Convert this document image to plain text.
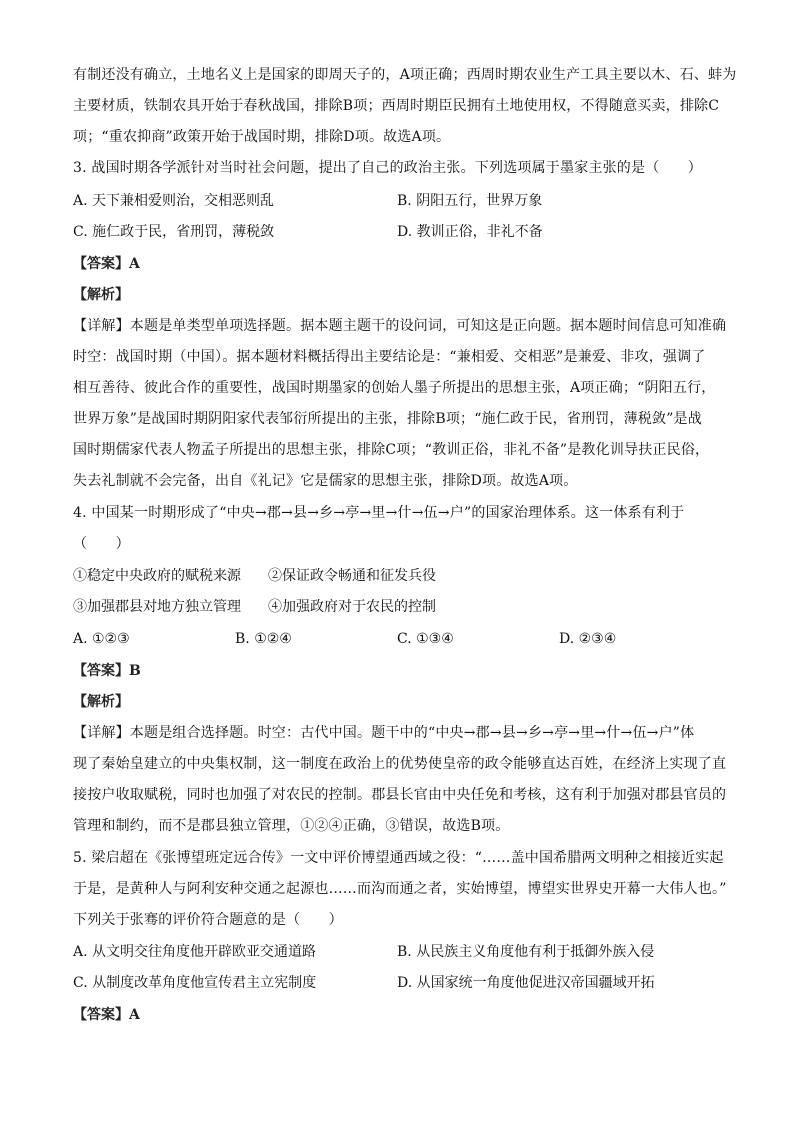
有制还没有确立，土地名义上是国家的即周天子的，A项正确；西周时期农业生产工具主要以木、石、蚌为
主要材质，铁制农具开始于春秋战国，排除B项；西周时期臣民拥有土地使用权，不得随意买卖，排除C
项；“重农抑商”政策开始于战国时期，排除D项。故选A项。
3. 战国时期各学派针对当时社会问题，提出了自己的政治主张。下列选项属于墨家主张的是（　　）
A. 天下兼相爱则治，交相恶则乱	B. 阴阳五行，世界万象
C. 施仁政于民，省刑罚，薄税敛	D. 教训正俗，非礼不备
【答案】A
【解析】
【详解】本题是单类型单项选择题。据本题主题干的设问词，可知这是正向题。据本题时间信息可知准确
时空：战国时期（中国）。据本题材料概括得出主要结论是：“兼相爱、交相恶”是兼爱、非攻，强调了
相互善待、彼此合作的重要性，战国时期墨家的创始人墨子所提出的思想主张，A项正确；“阴阳五行，
世界万象”是战国时期阴阳家代表邹衍所提出的主张，排除B项；“施仁政于民，省刑罚，薄税敛”是战
国时期儒家代表人物孟子所提出的思想主张，排除C项；“教训正俗，非礼不备”是教化训导扶正民俗，
失去礼制就不会完备，出自《礼记》它是儒家的思想主张，排除D项。故选A项。
4. 中国某一时期形成了“中央→郡→县→乡→亭→里→什→伍→户”的国家治理体系。这一体系有利于
（　　）
①稳定中央政府的赋税来源 ②保证政令畅通和征发兵役
③加强郡县对地方独立管理 ④加强政府对于农民的控制
A. ①②③	B. ①②④	C. ①③④	D. ②③④
【答案】B
【解析】
【详解】本题是组合选择题。时空：古代中国。题干中的“中央→郡→县→乡→亭→里→什→伍→户”体
现了秦始皇建立的中央集权制，这一制度在政治上的优势使皇帝的政令能够直达百姓，在经济上实现了直
接按户收取赋税，同时也加强了对农民的控制。郡县长官由中央任免和考核，这有利于加强对郡县官员的
管理和制约，而不是郡县独立管理，①②④正确，③错误，故选B项。
5. 梁启超在《张博望班定远合传》一文中评价博望通西域之役：“……盖中国希腊两文明种之相接近实起
于是，是黄种人与阿利安种交通之起源也……而沟而通之者，实始博望，博望实世界史开幕一大伟人也。”
下列关于张骞的评价符合题意的是（　　）
A. 从文明交往角度他开辟欧亚交通道路	B. 从民族主义角度他有利于抵御外族入侵
C. 从制度改革角度他宣传君主立宪制度	D. 从国家统一角度他促进汉帝国疆域开拓
【答案】A
